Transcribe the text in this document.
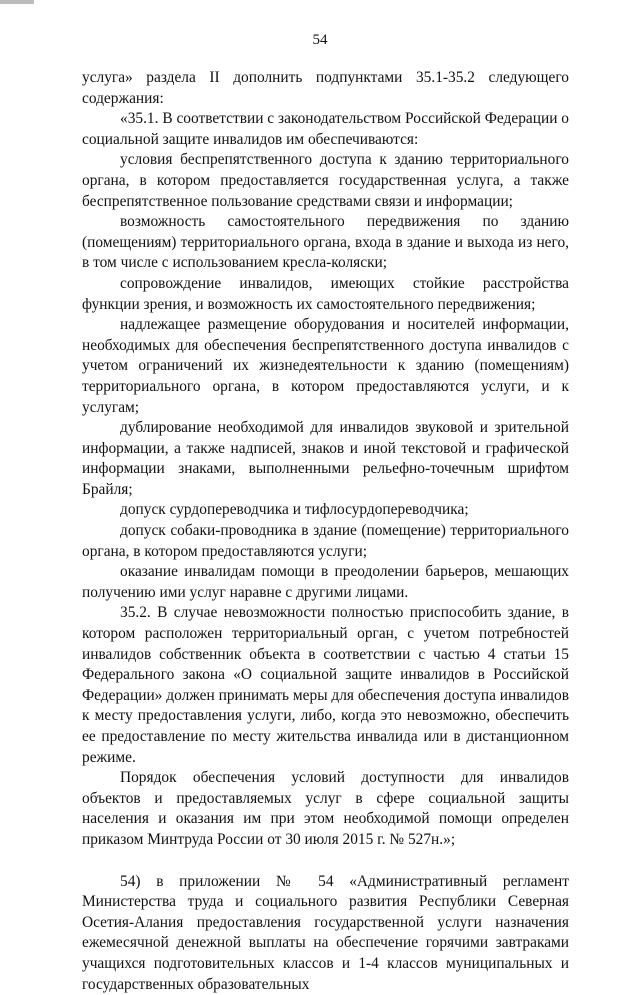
54

услуга» раздела II дополнить подпунктами 35.1-35.2 следующего содержания:

«35.1. В соответствии с законодательством Российской Федерации о социальной защите инвалидов им обеспечиваются:

условия беспрепятственного доступа к зданию территориального органа, в котором предоставляется государственная услуга, а также беспрепятственное пользование средствами связи и информации;

возможность самостоятельного передвижения по зданию (помещениям) территориального органа, входа в здание и выхода из него, в том числе с использованием кресла-коляски;

сопровождение инвалидов, имеющих стойкие расстройства функции зрения, и возможность их самостоятельного передвижения;

надлежащее размещение оборудования и носителей информации, необходимых для обеспечения беспрепятственного доступа инвалидов с учетом ограничений их жизнедеятельности к зданию (помещениям) территориального органа, в котором предоставляются услуги, и к услугам;

дублирование необходимой для инвалидов звуковой и зрительной информации, а также надписей, знаков и иной текстовой и графической информации знаками, выполненными рельефно-точечным шрифтом Брайля;

допуск сурдопереводчика и тифлосурдопереводчика;

допуск собаки-проводника в здание (помещение) территориального органа, в котором предоставляются услуги;

оказание инвалидам помощи в преодолении барьеров, мешающих получению ими услуг наравне с другими лицами.

35.2. В случае невозможности полностью приспособить здание, в котором расположен территориальный орган, с учетом потребностей инвалидов собственник объекта в соответствии с частью 4 статьи 15 Федерального закона «О социальной защите инвалидов в Российской Федерации» должен принимать меры для обеспечения доступа инвалидов к месту предоставления услуги, либо, когда это невозможно, обеспечить ее предоставление по месту жительства инвалида или в дистанционном режиме.

Порядок обеспечения условий доступности для инвалидов объектов и предоставляемых услуг в сфере социальной защиты населения и оказания им при этом необходимой помощи определен приказом Минтруда России от 30 июля 2015 г. № 527н.»;

54) в приложении № 54 «Административный регламент Министерства труда и социального развития Республики Северная Осетия-Алания предоставления государственной услуги назначения ежемесячной денежной выплаты на обеспечение горячими завтраками учащихся подготовительных классов и 1-4 классов муниципальных и государственных образовательных
